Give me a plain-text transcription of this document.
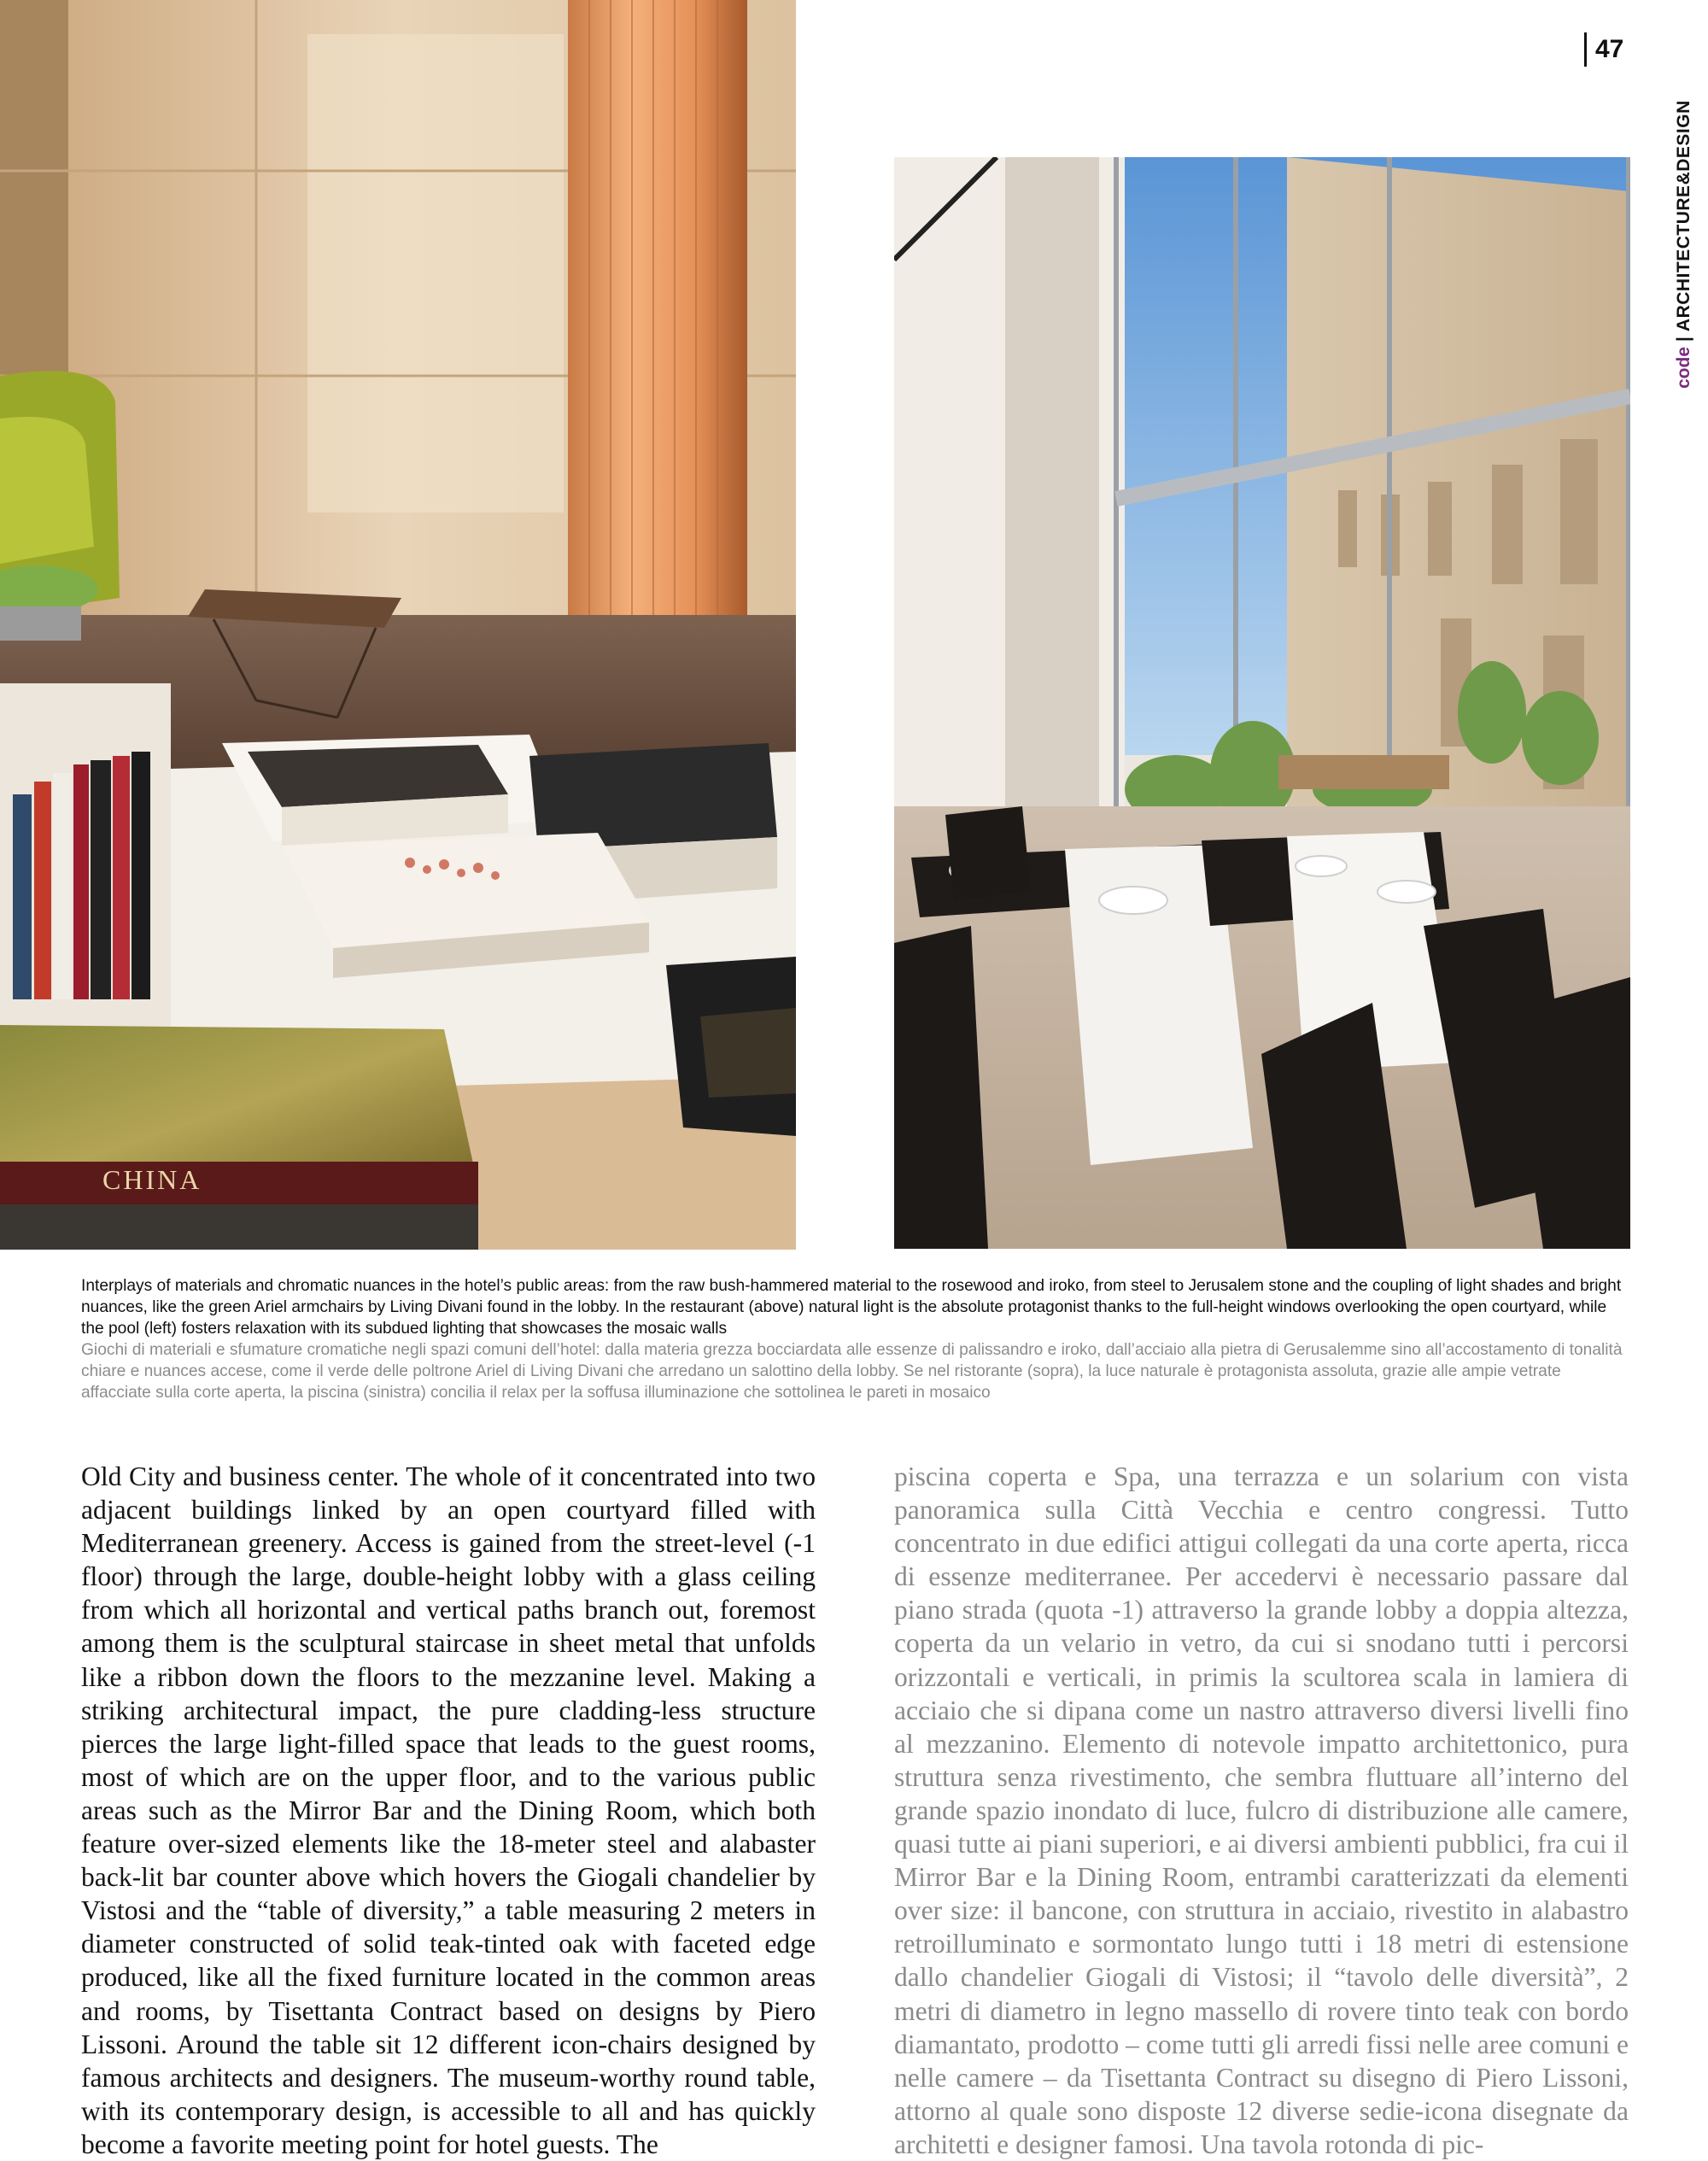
47
code|ARCHITECTURE&DESIGN
CHINA

Interplays of materials and chromatic nuances in the hotel’s public areas: from the raw bush-hammered material to the rosewood and iroko, from steel to Jerusalem stone and the coupling of light shades and bright nuances, like the green Ariel armchairs by Living Divani found in the lobby. In the restaurant (above) natural light is the absolute protagonist thanks to the full-height windows overlooking the open courtyard, while the pool (left) fosters relaxation with its subdued lighting that showcases the mosaic walls

Giochi di materiali e sfumature cromatiche negli spazi comuni dell’hotel: dalla materia grezza bocciardata alle essenze di palissandro e iroko, dall’acciaio alla pietra di Gerusalemme sino all’accostamento di tonalità chiare e nuances accese, come il verde delle poltrone Ariel di Living Divani che arredano un salottino della lobby. Se nel ristorante (sopra), la luce naturale è protagonista assoluta, grazie alle ampie vetrate affacciate sulla corte aperta, la piscina (sinistra) concilia il relax per la soffusa illuminazione che sottolinea le pareti in mosaico

Old City and business center. The whole of it concentrated into two adjacent buildings linked by an open courtyard filled with Mediterranean greenery. Access is gained from the street-level (-1 floor) through the large, double-height lobby with a glass ceiling from which all horizontal and vertical paths branch out, foremost among them is the sculptural staircase in sheet metal that unfolds like a ribbon down the floors to the mezzanine level. Making a striking architectural impact, the pure cladding-less structure pierces the large light-filled space that leads to the guest rooms, most of which are on the upper floor, and to the various public areas such as the Mirror Bar and the Dining Room, which both feature over-sized elements like the 18-meter steel and alabaster back-lit bar counter above which hovers the Giogali chandelier by Vistosi and the “table of diversity,” a table measuring 2 meters in diameter constructed of solid teak-tinted oak with faceted edge produced, like all the fixed furniture located in the common areas and rooms, by Tisettanta Contract based on designs by Piero Lissoni. Around the table sit 12 different icon-chairs designed by famous architects and designers. The museum-worthy round table, with its contemporary design, is accessible to all and has quickly become a favorite meeting point for hotel guests. The

piscina coperta e Spa, una terrazza e un solarium con vista panoramica sulla Città Vecchia e centro congressi. Tutto concentrato in due edifici attigui collegati da una corte aperta, ricca di essenze mediterranee. Per accedervi è necessario passare dal piano strada (quota -1) attraverso la grande lobby a doppia altezza, coperta da un velario in vetro, da cui si snodano tutti i percorsi orizzontali e verticali, in primis la scultorea scala in lamiera di acciaio che si dipana come un nastro attraverso diversi livelli fino al mezzanino. Elemento di notevole impatto architettonico, pura struttura senza rivestimento, che sembra fluttuare all’interno del grande spazio inondato di luce, fulcro di distribuzione alle camere, quasi tutte ai piani superiori, e ai diversi ambienti pubblici, fra cui il Mirror Bar e la Dining Room, entrambi caratterizzati da elementi over size: il bancone, con struttura in acciaio, rivestito in alabastro retroilluminato e sormontato lungo tutti i 18 metri di estensione dallo chandelier Giogali di Vistosi; il “tavolo delle diversità”, 2 metri di diametro in legno massello di rovere tinto teak con bordo diamantato, prodotto – come tutti gli arredi fissi nelle aree comuni e nelle camere – da Tisettanta Contract su disegno di Piero Lissoni, attorno al quale sono disposte 12 diverse sedie-icona disegnate da architetti e designer famosi. Una tavola rotonda di pic-
